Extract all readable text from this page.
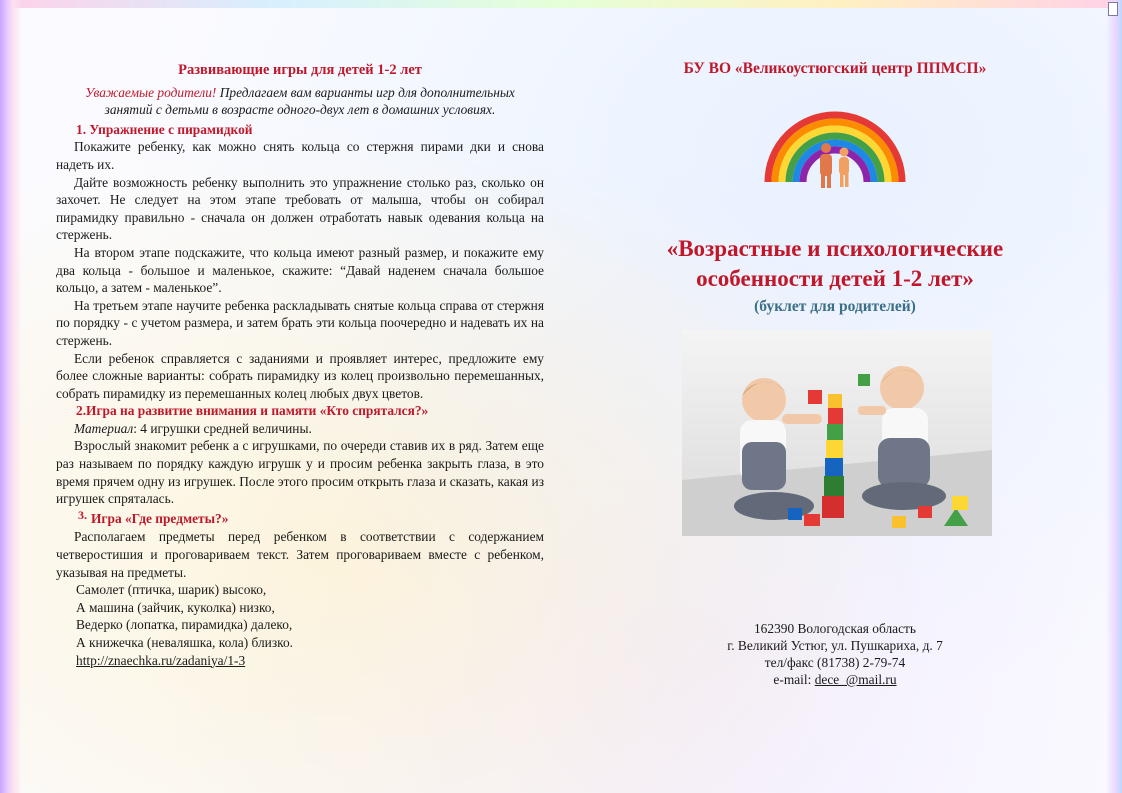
Развивающие игры для детей 1-2 лет

Уважаемые родители! Предлагаем вам варианты игр для дополнительных занятий с детьми в возрасте одного-двух лет в домашних условиях.

1. Упражнение с пирамидкой

Покажите ребенку, как можно снять кольца со стержня пирами дки и снова надеть их.

Дайте возможность ребенку выполнить это упражнение столько раз, сколько он захочет. Не следует на этом этапе требовать от малыша, чтобы он собирал пирамидку правильно - сначала он должен отработать навык одевания кольца на стержень.

На втором этапе подскажите, что кольца имеют разный размер, и покажите ему два кольца - большое и маленькое, скажите: “Давай наденем сначала большое кольцо, а затем - маленькое”.

На третьем этапе научите ребенка раскладывать снятые кольца справа от стержня по порядку - с учетом размера, и затем брать эти кольца поочередно и надевать их на стержень.

Если ребенок справляется с заданиями и проявляет интерес, предложите ему более сложные варианты: собрать пирамидку из колец произвольно перемешанных, собрать пирамидку из перемешанных колец любых двух цветов.

2.Игра на развитие внимания и памяти «Кто спрятался?»

Материал: 4 игрушки средней величины.

Взрослый знакомит ребенк а с игрушками, по очереди ставив их в ряд. Затем еще раз называем по порядку каждую игрушк у и просим ребенка закрыть глаза, в это время прячем одну из игрушек. После этого просим открыть глаза и сказать, какая из игрушек спряталась.

3. Игра «Где предметы?»

Располагаем предметы перед ребенком в соответствии с содержанием четверостишия и проговариваем текст. Затем проговариваем вместе с ребенком, указывая на предметы.

Самолет (птичка, шарик) высоко,

А машина (зайчик, куколка) низко,

Ведерко (лопатка, пирамидка) далеко,

А книжечка (неваляшка, кола) близко.

http://znaechka.ru/zadaniya/1-3

БУ ВО «Великоустюгский центр ППМСП»

«Возрастные и психологические
особенности детей 1-2 лет»

(буклет для родителей)

162390 Вологодская область
г. Великий Устюг, ул. Пушкариха, д. 7
тел/факс (81738) 2-79-74
e-mail: dece_@mail.ru
